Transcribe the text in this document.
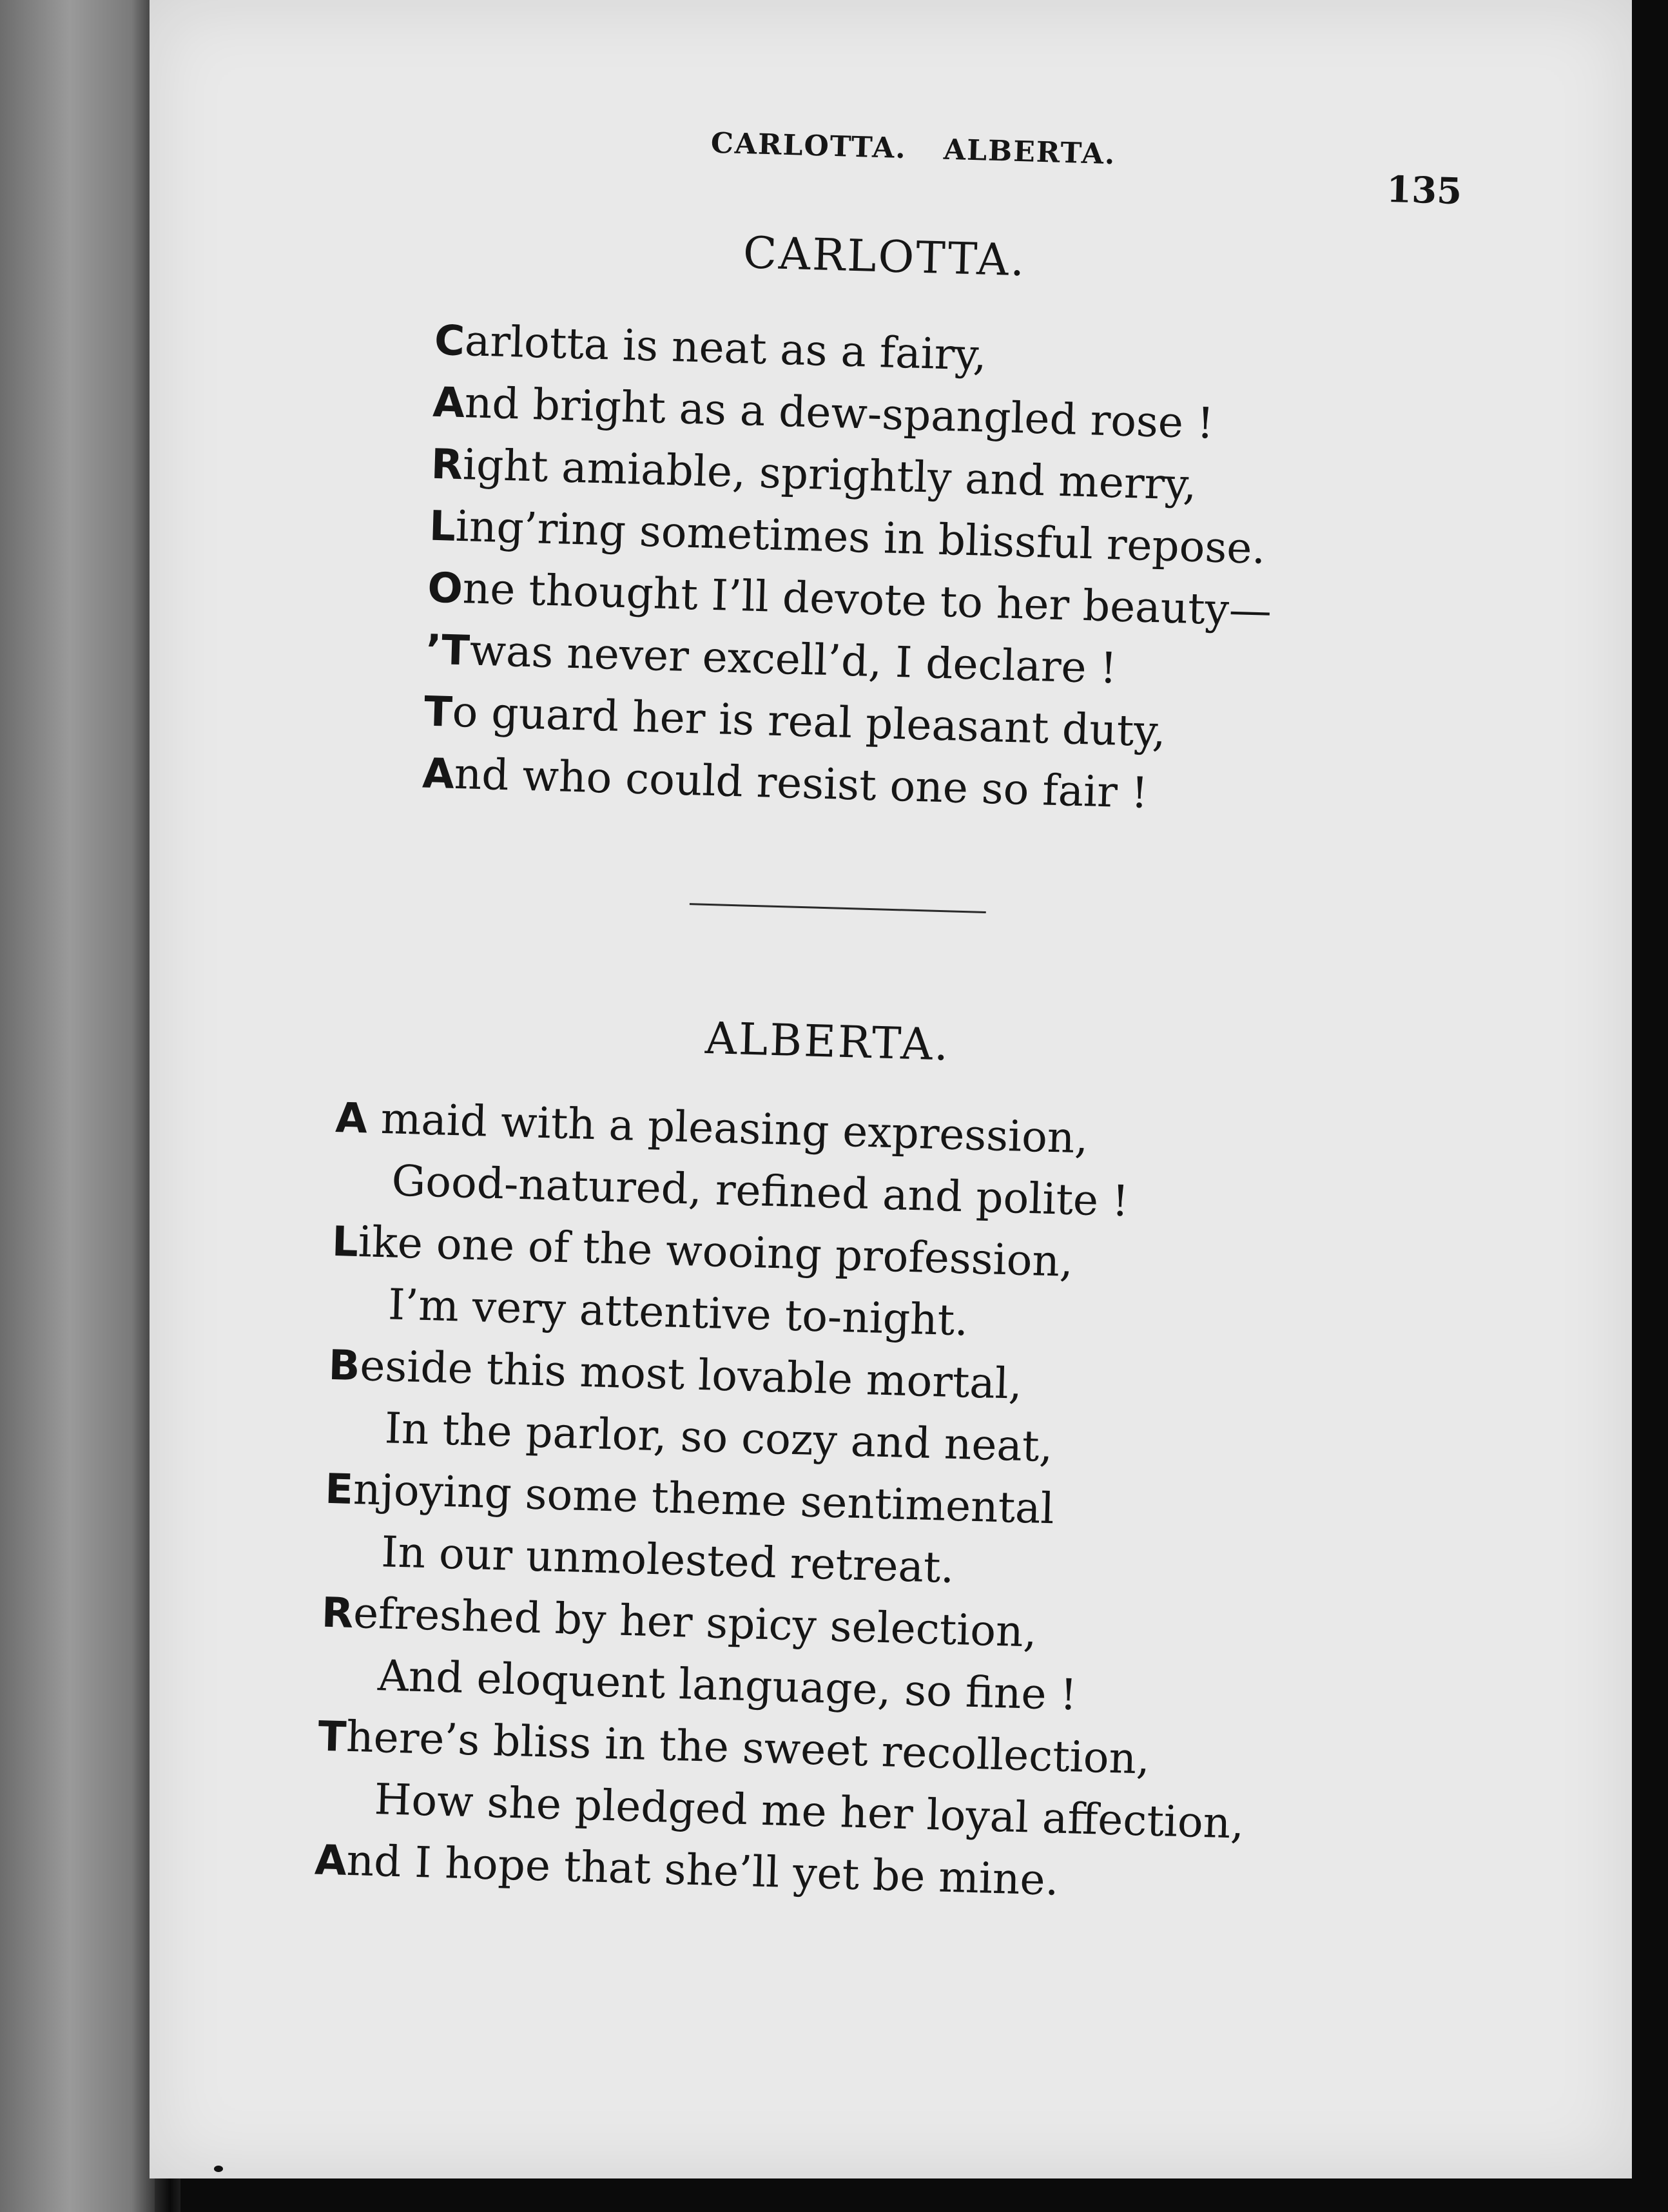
CARLOTTA. ALBERTA.
135
CARLOTTA.
Carlotta is neat as a fairy,
And bright as a dew-spangled rose !
Right amiable, sprightly and merry,
Ling’ring sometimes in blissful repose.
One thought I’ll devote to her beauty—
’Twas never excell’d, I declare !
To guard her is real pleasant duty,
And who could resist one so fair !
ALBERTA.
A maid with a pleasing expression,
Good-natured, refined and polite !
Like one of the wooing profession,
I’m very attentive to-night.
Beside this most lovable mortal,
In the parlor, so cozy and neat,
Enjoying some theme sentimental
In our unmolested retreat.
Refreshed by her spicy selection,
And eloquent language, so fine !
There’s bliss in the sweet recollection,
How she pledged me her loyal affection,
And I hope that she’ll yet be mine.
